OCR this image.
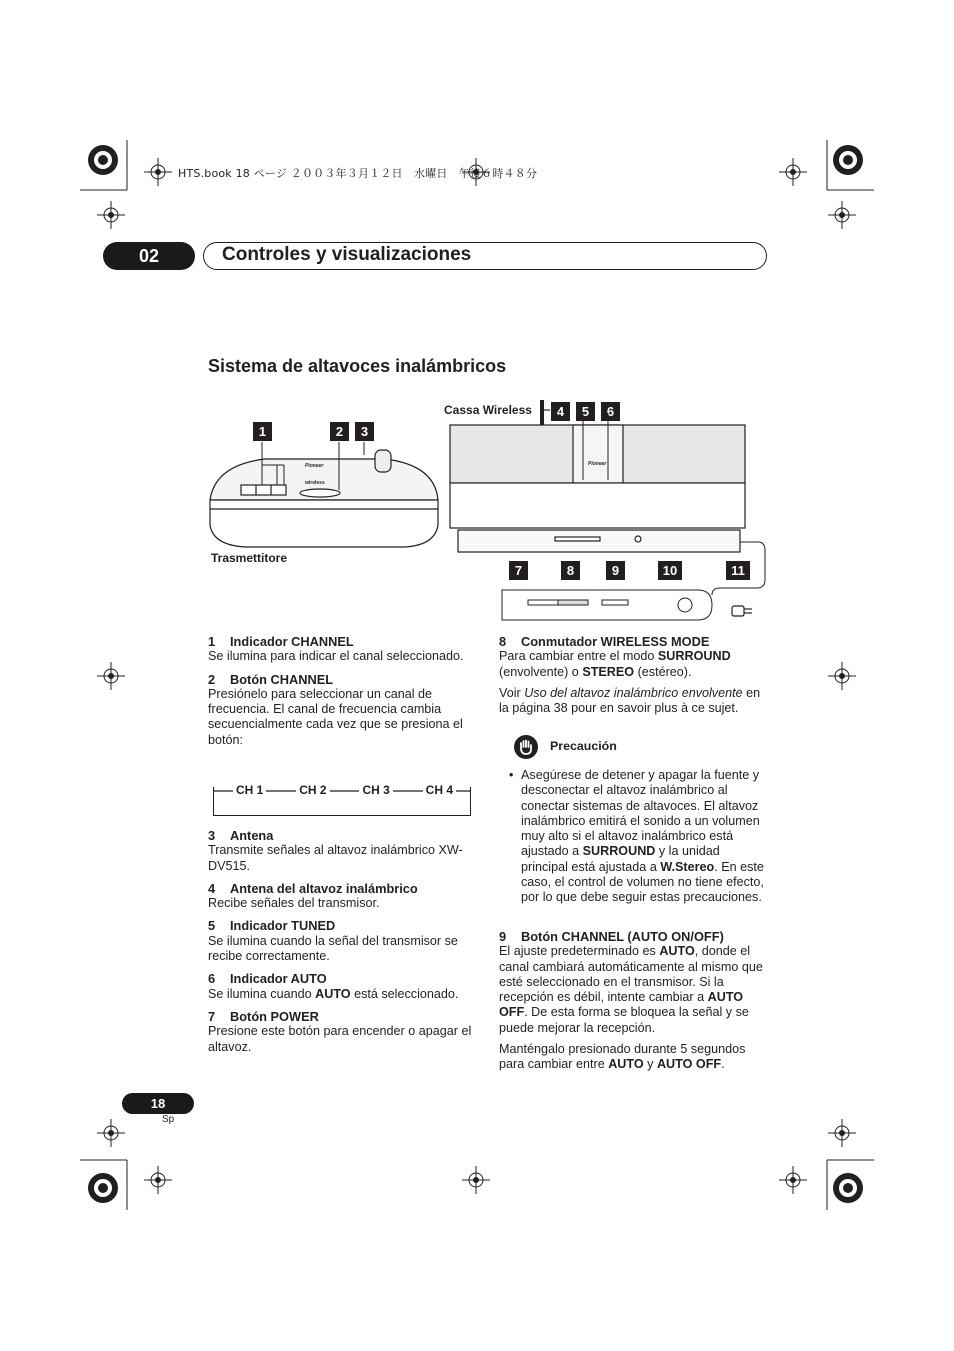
HTS.book 18 ページ ２００３年３月１２日　水曜日　午後６時４８分
02	Controles y visualizaciones
Sistema de altavoces inalámbricos
Pioneer
wireless
1	2	3
Trasmettitore
Cassa Wireless	4	5	6
Pioneer
7	8	9	10	11
1 Indicador CHANNEL

Se ilumina para indicar el canal seleccionado.

2 Botón CHANNEL

Presiónelo para seleccionar un canal de frecuencia. El canal de frecuencia cambia secuencialmente cada vez que se presiona el botón:

CH 1	CH 2	CH 3	CH 4
3 Antena

Transmite señales al altavoz inalámbrico XW-DV515.

4 Antena del altavoz inalámbrico

Recibe señales del transmisor.

5 Indicador TUNED

Se ilumina cuando la señal del transmisor se recibe correctamente.

6 Indicador AUTO

Se ilumina cuando AUTO está seleccionado.

7 Botón POWER

Presione este botón para encender o apagar el altavoz.

8 Conmutador WIRELESS MODE

Para cambiar entre el modo SURROUND (envolvente) o STEREO (estéreo).

Voir Uso del altavoz inalámbrico envolvente en la página 38 pour en savoir plus à ce sujet.

Precaución

• Asegúrese de detener y apagar la fuente y desconectar el altavoz inalámbrico al conectar sistemas de altavoces. El altavoz inalámbrico emitirá el sonido a un volumen muy alto si el altavoz inalámbrico está ajustado a SURROUND y la unidad principal está ajustada a W.Stereo. En este caso, el control de volumen no tiene efecto, por lo que debe seguir estas precauciones.

9 Botón CHANNEL (AUTO ON/OFF)

El ajuste predeterminado es AUTO, donde el canal cambiará automáticamente al mismo que esté seleccionado en el transmisor. Si la recepción es débil, intente cambiar a AUTO OFF. De esta forma se bloquea la señal y se puede mejorar la recepción.

Manténgalo presionado durante 5 segundos para cambiar entre AUTO y AUTO OFF.

18
Sp
